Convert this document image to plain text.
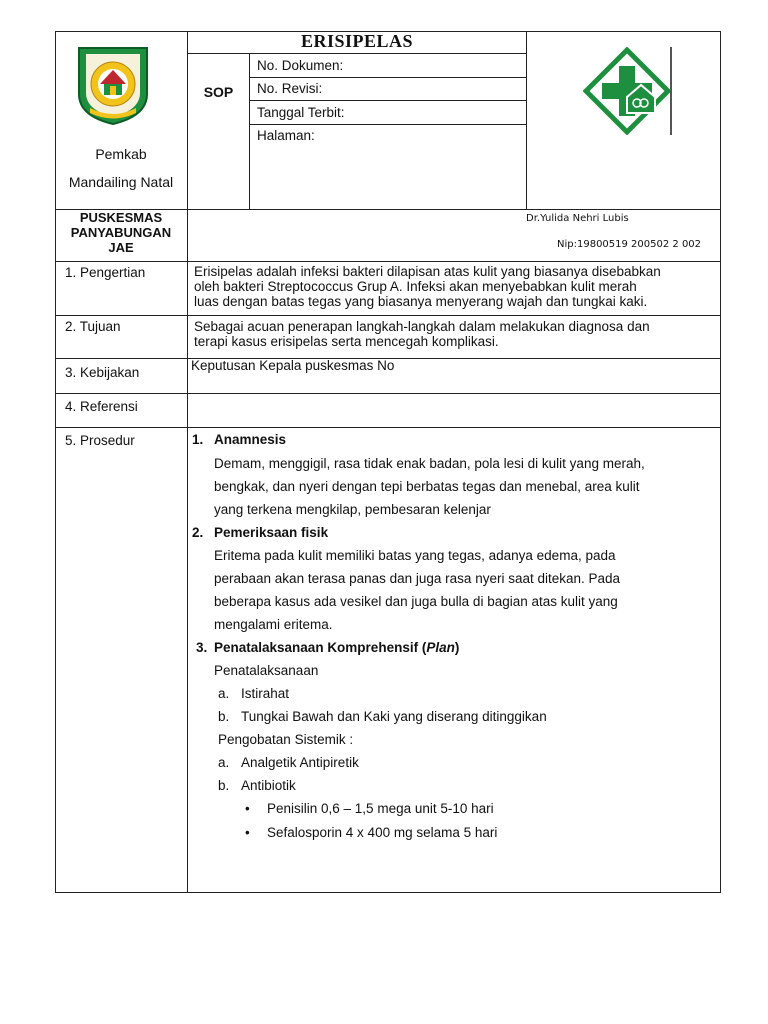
Pemkab
Mandailing Natal
ERISIPELAS
SOP
No. Dokumen:
No. Revisi:
Tanggal Terbit:
Halaman:
PUSKESMAS
PANYABUNGAN
JAE
Dr.Yulida Nehri Lubis
Nip:19800519 200502 2 002
1. Pengertian	Erisipelas adalah infeksi bakteri dilapisan atas kulit yang biasanya disebabkan
oleh bakteri Streptococcus Grup A. Infeksi akan menyebabkan kulit merah
luas dengan batas tegas yang biasanya menyerang wajah dan tungkai kaki.
2. Tujuan	Sebagai acuan penerapan langkah-langkah dalam melakukan diagnosa dan
terapi kasus erisipelas serta mencegah komplikasi.
3. Kebijakan	Keputusan Kepala puskesmas No
4. Referensi
5. Prosedur	1. Anamnesis
Demam, menggigil, rasa tidak enak badan, pola lesi di kulit yang merah,
bengkak, dan nyeri dengan tepi berbatas tegas dan menebal, area kulit
yang terkena mengkilap, pembesaran kelenjar
2. Pemeriksaan fisik
Eritema pada kulit memiliki batas yang tegas, adanya edema, pada
perabaan akan terasa panas dan juga rasa nyeri saat ditekan. Pada
beberapa kasus ada vesikel dan juga bulla di bagian atas kulit yang
mengalami eritema.
3. Penatalaksanaan Komprehensif (Plan)
Penatalaksanaan
a. Istirahat
b. Tungkai Bawah dan Kaki yang diserang ditinggikan
Pengobatan Sistemik :
a. Analgetik Antipiretik
b. Antibiotik
• Penisilin 0,6 – 1,5 mega unit 5-10 hari
• Sefalosporin 4 x 400 mg selama 5 hari
